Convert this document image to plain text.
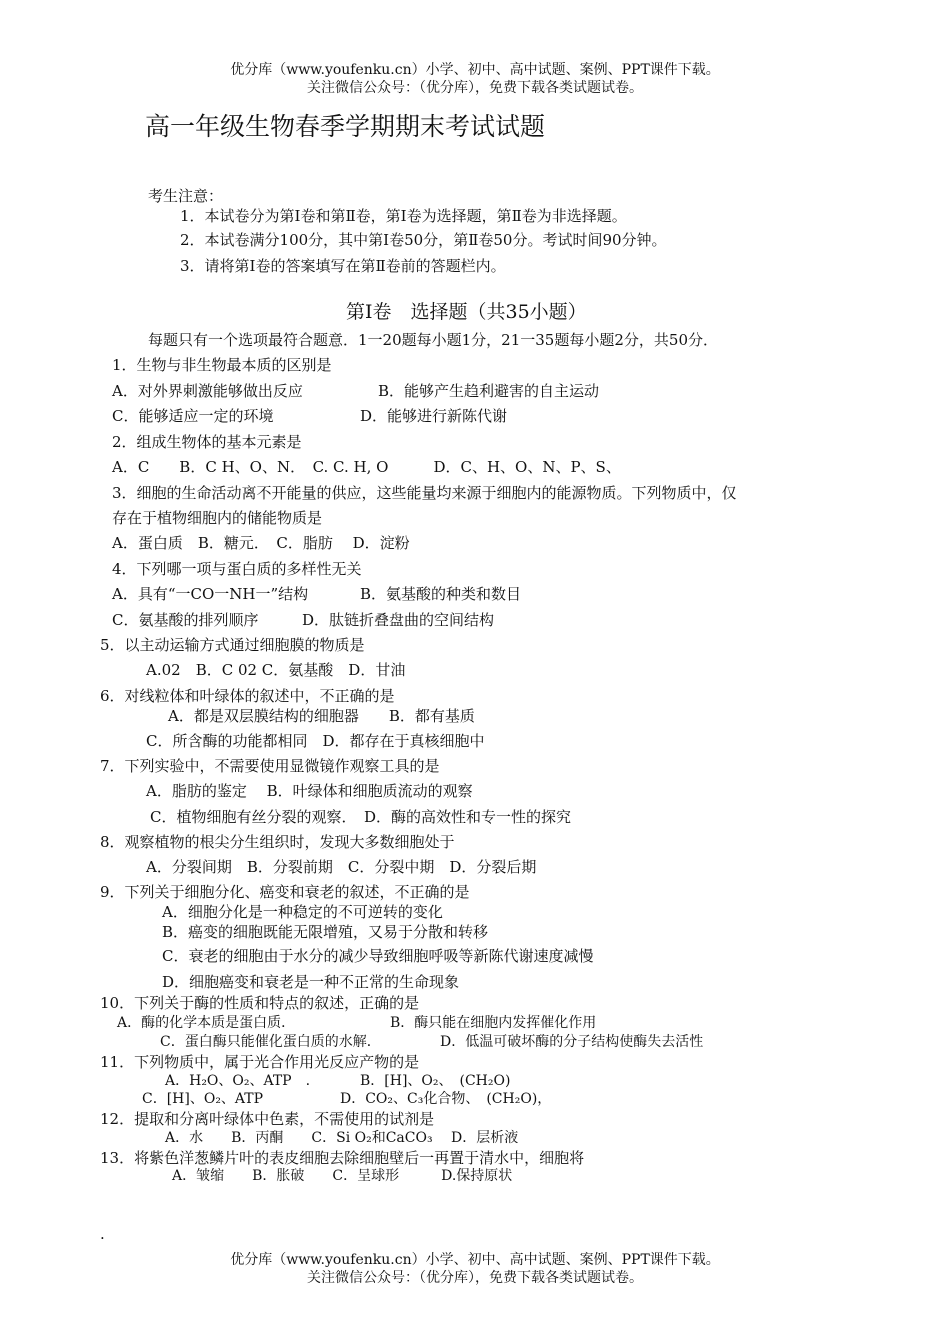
优分库（www.youfenku.cn）小学、初中、高中试题、案例、PPT课件下载。
关注微信公众号：（优分库），免费下载各类试题试卷。
高一年级生物春季学期期末考试试题
考生注意：
1．本试卷分为第Ⅰ卷和第Ⅱ卷，第Ⅰ卷为选择题，第Ⅱ卷为非选择题。
2．本试卷满分100分，其中第Ⅰ卷50分，第Ⅱ卷50分。考试时间90分钟。
3．请将第Ⅰ卷的答案填写在第Ⅱ卷前的答题栏内。
第Ⅰ卷　选择题（共35小题）
每题只有一个选项最符合题意．1一20题每小题1分，21一35题每小题2分，共50分．
1．生物与非生物最本质的区别是
A．对外界刺激能够做出反应	B．能够产生趋利避害的自主运动
C．能够适应一定的环境	D．能够进行新陈代谢
2．组成生物体的基本元素是
A．C　　B．C H、O、N．　C. C. H, O　　　D．C、H、O、N、P、S、
3．细胞的生命活动离不开能量的供应，这些能量均来源于细胞内的能源物质。下列物质中，仅
存在于植物细胞内的储能物质是
A．蛋白质　B．糖元．　C．脂肪　 D．淀粉
4．下列哪一项与蛋白质的多样性无关
A．具有“一CO一NH一”结构	B．氨基酸的种类和数目
C．氨基酸的排列顺序	D．肽链折叠盘曲的空间结构
5．以主动运输方式通过细胞膜的物质是
A.02　B．C 02 C．氨基酸　D．甘油
6．对线粒体和叶绿体的叙述中，不正确的是
A．都是双层膜结构的细胞器　　B．都有基质
C．所含酶的功能都相同　D．都存在于真核细胞中
7．下列实验中，不需要使用显微镜作观察工具的是
A．脂肪的鉴定　 B．叶绿体和细胞质流动的观察
C．植物细胞有丝分裂的观察．　D．酶的高效性和专一性的探究
8．观察植物的根尖分生组织时，发现大多数细胞处于
A．分裂间期　B．分裂前期　C．分裂中期　D．分裂后期
9．下列关于细胞分化、癌变和衰老的叙述，不正确的是
A．细胞分化是一种稳定的不可逆转的变化
B．癌变的细胞既能无限增殖，又易于分散和转移
C．衰老的细胞由于水分的减少导致细胞呼吸等新陈代谢速度减慢
D．细胞癌变和衰老是一种不正常的生命现象
10．下列关于酶的性质和特点的叙述，正确的是
A．酶的化学本质是蛋白质．	B．酶只能在细胞内发挥催化作用
C．蛋白酶只能催化蛋白质的水解．	D．低温可破坏酶的分子结构使酶失去活性
11．下列物质中，属于光合作用光反应产物的是
A．H₂O、O₂、ATP　.	B．[H]、O₂、　(CH₂O)
C．[H]、O₂、ATP	D．CO₂、C₃化合物、　(CH₂O)，
12．提取和分离叶绿体中色素，不需使用的试剂是
A．水　　B．丙酮　　C．Si O₂和CaCO₃　 D．层析液
13．将紫色洋葱鳞片叶的表皮细胞去除细胞壁后一再置于清水中，细胞将
A．皱缩　　B．胀破　　C．呈球形　　　D.保持原状
.
优分库（www.youfenku.cn）小学、初中、高中试题、案例、PPT课件下载。
关注微信公众号：（优分库），免费下载各类试题试卷。
